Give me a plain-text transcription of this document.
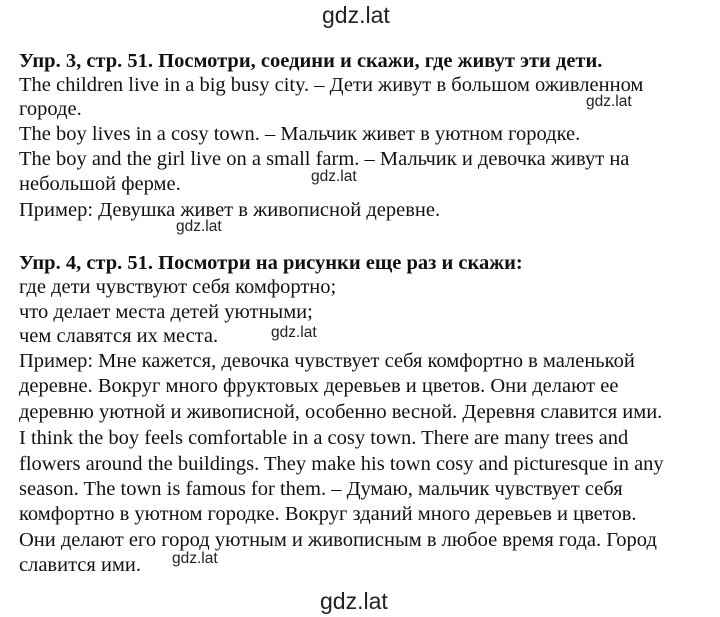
gdz.lat
Упр. 3, стр. 51. Посмотри, соедини и скажи, где живут эти дети.
The children live in a big busy city. – Дети живут в большом оживленном
городе.
The boy lives in a cosy town. – Мальчик живет в уютном городке.
The boy and the girl live on a small farm. – Мальчик и девочка живут на
небольшой ферме.
Пример: Девушка живет в живописной деревне.
Упр. 4, стр. 51. Посмотри на рисунки еще раз и скажи:
где дети чувствуют себя комфортно;
что делает места детей уютными;
чем славятся их места.
Пример: Мне кажется, девочка чувствует себя комфортно в маленькой
деревне. Вокруг много фруктовых деревьев и цветов. Они делают ее
деревню уютной и живописной, особенно весной. Деревня славится ими.
I think the boy feels comfortable in a cosy town. There are many trees and
flowers around the buildings. They make his town cosy and picturesque in any
season. The town is famous for them. – Думаю, мальчик чувствует себя
комфортно в уютном городке. Вокруг зданий много деревьев и цветов.
Они делают его город уютным и живописным в любое время года. Город
славится ими.
gdz.lat
gdz.lat
gdz.lat
gdz.lat
gdz.lat
gdz.lat
